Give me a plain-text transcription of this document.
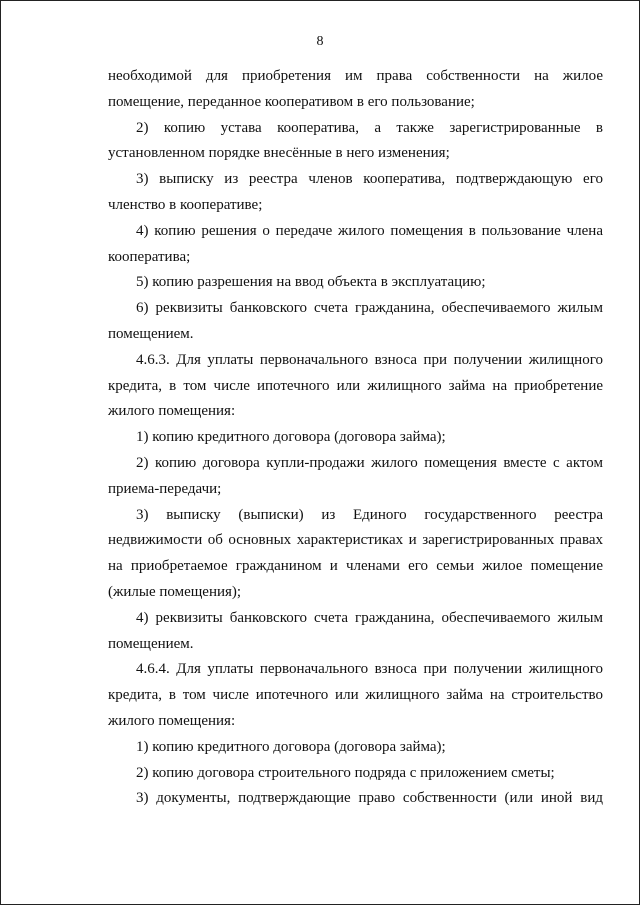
8

необходимой для приобретения им права собственности на жилое помещение, переданное кооперативом в его пользование;

2) копию устава кооператива, а также зарегистрированные в установленном порядке внесённые в него изменения;

3) выписку из реестра членов кооператива, подтверждающую его членство в кооперативе;

4) копию решения о передаче жилого помещения в пользование члена кооператива;

5) копию разрешения на ввод объекта в эксплуатацию;

6) реквизиты банковского счета гражданина, обеспечиваемого жилым помещением.

4.6.3. Для уплаты первоначального взноса при получении жилищного кредита, в том числе ипотечного или жилищного займа на приобретение жилого помещения:

1) копию кредитного договора (договора займа);

2) копию договора купли-продажи жилого помещения вместе с актом приема-передачи;

3) выписку (выписки) из Единого государственного реестра недвижимости об основных характеристиках и зарегистрированных правах на приобретаемое гражданином и членами его семьи жилое помещение (жилые помещения);

4) реквизиты банковского счета гражданина, обеспечиваемого жилым помещением.

4.6.4. Для уплаты первоначального взноса при получении жилищного кредита, в том числе ипотечного или жилищного займа на строительство жилого помещения:

1) копию кредитного договора (договора займа);

2) копию договора строительного подряда с приложением сметы;

3) документы, подтверждающие право собственности (или иной вид
